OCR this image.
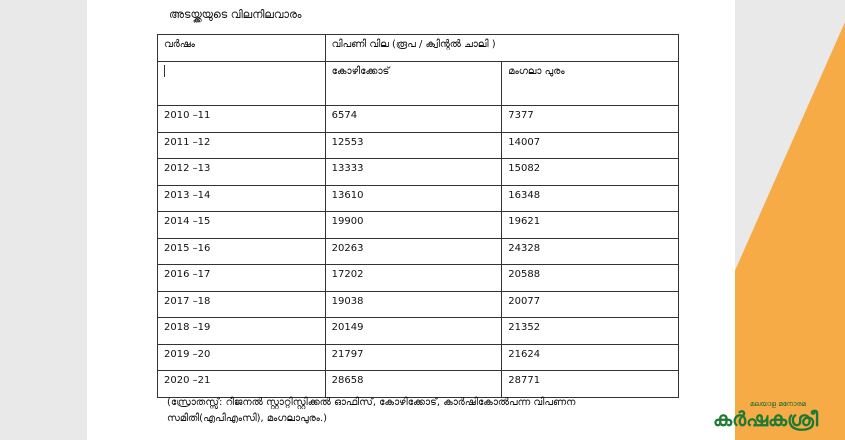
അടയ്ക്കയുടെ വിലനിലവാരം
വർഷം	വിപണി വില (രൂപ / ക്വിന്റൽ ചാലി )	
	കോഴിക്കോട്	മംഗലാ പുരം
2010 –11	6574	7377
2011 –12	12553	14007
2012 –13	13333	15082
2013 –14	13610	16348
2014 –15	19900	19621
2015 –16	20263	24328
2016 –17	17202	20588
2017 –18	19038	20077
2018 –19	20149	21352
2019 –20	21797	21624
2020 –21	28658	28771
(സ്രോതസ്സ്: റീജനൽ സ്റ്റാറ്റിസ്റ്റിക്കൽ ഓഫിസ്, കോഴിക്കോട്, കാർഷികോൽപന്ന വിപണന സമിതി(എപിഎംസി), മംഗലാപുരം.)
മലയാള മനോരമ
കർഷകശ്രീ
